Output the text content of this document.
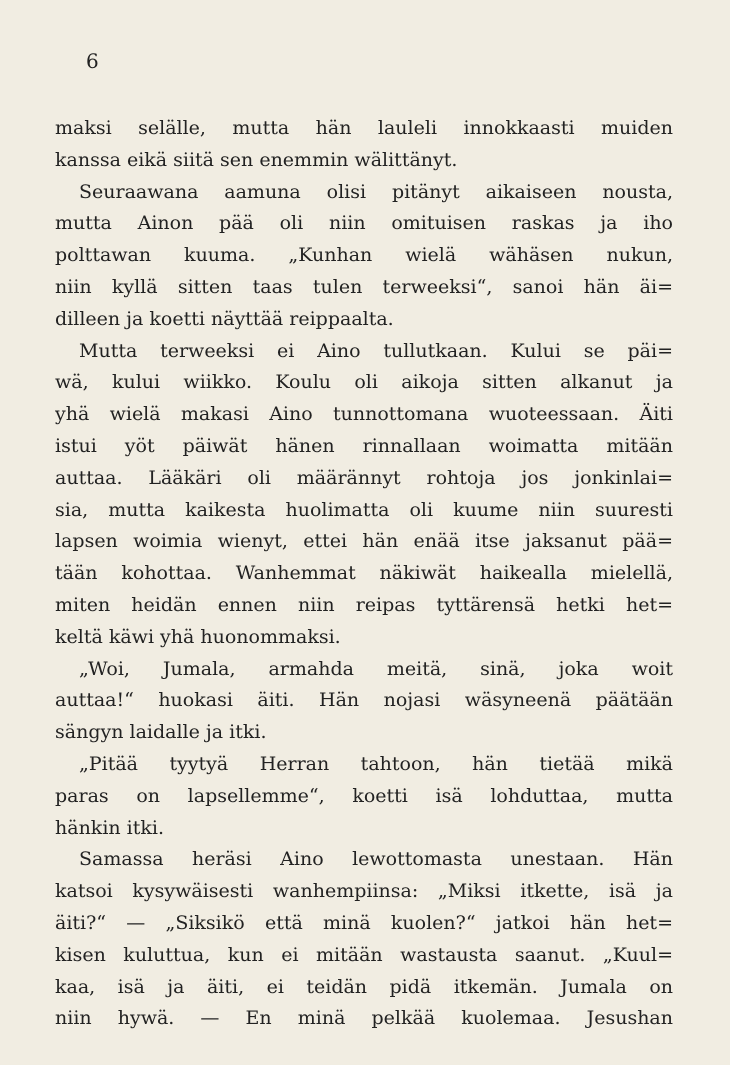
6
maksi selälle, mutta hän lauleli innokkaasti muiden
kanssa eikä siitä sen enemmin wälittänyt.
Seuraawana aamuna olisi pitänyt aikaiseen nousta,
mutta Ainon pää oli niin omituisen raskas ja iho
polttawan kuuma. „Kunhan wielä wähäsen nukun,
niin kyllä sitten taas tulen terweeksi“, sanoi hän äi=
dilleen ja koetti näyttää reippaalta.
Mutta terweeksi ei Aino tullutkaan. Kului se päi=
wä, kului wiikko. Koulu oli aikoja sitten alkanut ja
yhä wielä makasi Aino tunnottomana wuoteessaan. Äiti
istui yöt päiwät hänen rinnallaan woimatta mitään
auttaa. Lääkäri oli määrännyt rohtoja jos jonkinlai=
sia, mutta kaikesta huolimatta oli kuume niin suuresti
lapsen woimia wienyt, ettei hän enää itse jaksanut pää=
tään kohottaa. Wanhemmat näkiwät haikealla mielellä,
miten heidän ennen niin reipas tyttärensä hetki het=
keltä käwi yhä huonommaksi.
„Woi, Jumala, armahda meitä, sinä, joka woit
auttaa!“ huokasi äiti. Hän nojasi wäsyneenä päätään
sängyn laidalle ja itki.
„Pitää tyytyä Herran tahtoon, hän tietää mikä
paras on lapsellemme“, koetti isä lohduttaa, mutta
hänkin itki.
Samassa heräsi Aino lewottomasta unestaan. Hän
katsoi kysywäisesti wanhempiinsa: „Miksi itkette, isä ja
äiti?“ — „Siksikö että minä kuolen?“ jatkoi hän het=
kisen kuluttua, kun ei mitään wastausta saanut. „Kuul=
kaa, isä ja äiti, ei teidän pidä itkemän. Jumala on
niin hywä. — En minä pelkää kuolemaa. Jesushan
